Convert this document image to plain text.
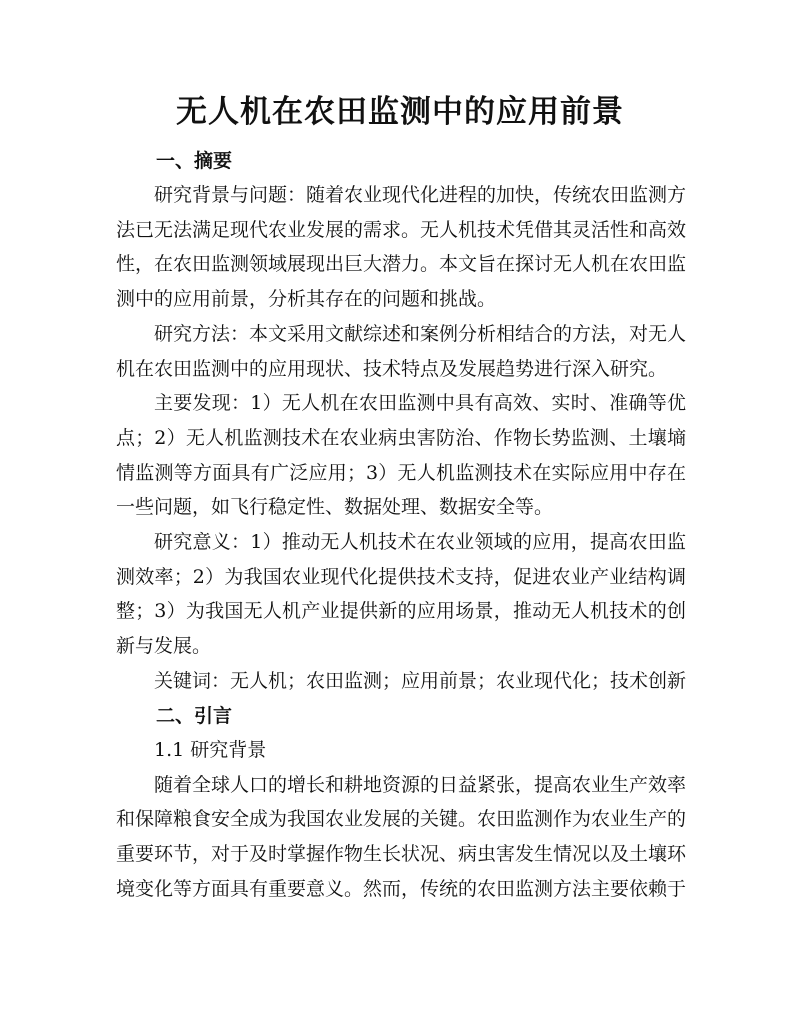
无人机在农田监测中的应用前景
一、摘要

研究背景与问题：随着农业现代化进程的加快，传统农田监测方法已无法满足现代农业发展的需求。无人机技术凭借其灵活性和高效性，在农田监测领域展现出巨大潜力。本文旨在探讨无人机在农田监测中的应用前景，分析其存在的问题和挑战。

研究方法：本文采用文献综述和案例分析相结合的方法，对无人机在农田监测中的应用现状、技术特点及发展趋势进行深入研究。

主要发现：1）无人机在农田监测中具有高效、实时、准确等优点；2）无人机监测技术在农业病虫害防治、作物长势监测、土壤墒情监测等方面具有广泛应用；3）无人机监测技术在实际应用中存在一些问题，如飞行稳定性、数据处理、数据安全等。

研究意义：1）推动无人机技术在农业领域的应用，提高农田监测效率；2）为我国农业现代化提供技术支持，促进农业产业结构调整；3）为我国无人机产业提供新的应用场景，推动无人机技术的创新与发展。

关键词：无人机；农田监测；应用前景；农业现代化；技术创新

二、引言

1.1 研究背景

随着全球人口的增长和耕地资源的日益紧张，提高农业生产效率和保障粮食安全成为我国农业发展的关键。农田监测作为农业生产的重要环节，对于及时掌握作物生长状况、病虫害发生情况以及土壤环境变化等方面具有重要意义。然而，传统的农田监测方法主要依赖于
